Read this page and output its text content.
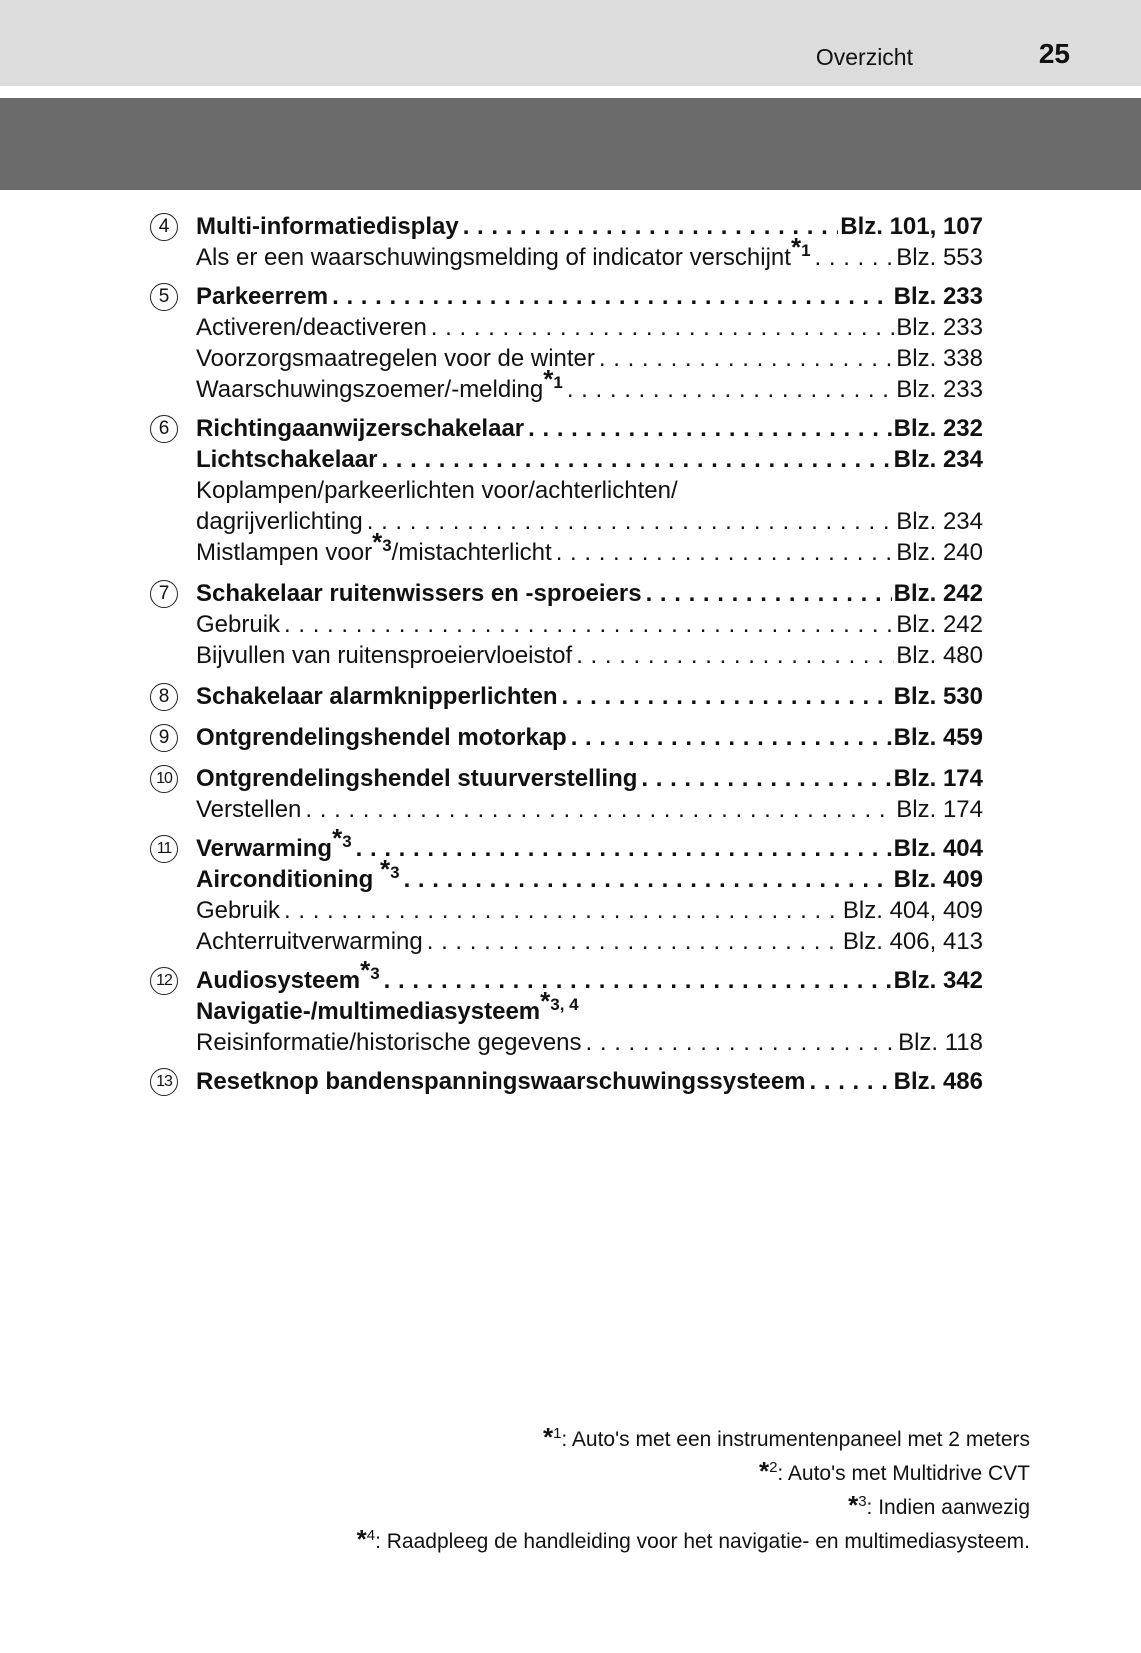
Overzicht	25
4	Multi-informatiedisplay . . .	Blz. 101, 107
Als er een waarschuwingsmelding of indicator verschijnt$^{*1}$ . . .	Blz. 553
5	Parkeerrem . . .	Blz. 233
Activeren/deactiveren . . .	Blz. 233
Voorzorgsmaatregelen voor de winter . . .	Blz. 338
Waarschuwingszoemer/-melding$^{*1}$ . . .	Blz. 233
6	Richtingaanwijzerschakelaar . . .	Blz. 232
Lichtschakelaar . . .	Blz. 234
Koplampen/parkeerlichten voor/achterlichten/
dagrijverlichting . . .	Blz. 234
Mistlampen voor$^{*3}$/mistachterlicht . . .	Blz. 240
7	Schakelaar ruitenwissers en -sproeiers . . .	Blz. 242
Gebruik . . .	Blz. 242
Bijvullen van ruitensproeiervloeistof . . .	Blz. 480
8	Schakelaar alarmknipperlichten . . .	Blz. 530
9	Ontgrendelingshendel motorkap . . .	Blz. 459
10 Ontgrendelingshendel stuurverstelling . . .	Blz. 174
Verstellen . . .	Blz. 174
11 Verwarming$^{*3}$ . . .	Blz. 404
Airconditioning $^{*3}$ . . .	Blz. 409
Gebruik . . .	Blz. 404, 409
Achterruitverwarming . . .	Blz. 406, 413
12 Audiosysteem$^{*3}$ . . .	Blz. 342
Navigatie-/multimediasysteem$^{*3, 4}$
Reisinformatie/historische gegevens . . .	Blz. 118
13 Resetknop bandenspanningswaarschuwingssysteem . . .	Blz. 486
*$^1$: Auto's met een instrumentenpaneel met 2 meters
*$^2$: Auto's met Multidrive CVT
*$^3$: Indien aanwezig
*$^4$: Raadpleeg de handleiding voor het navigatie- en multimediasysteem.
